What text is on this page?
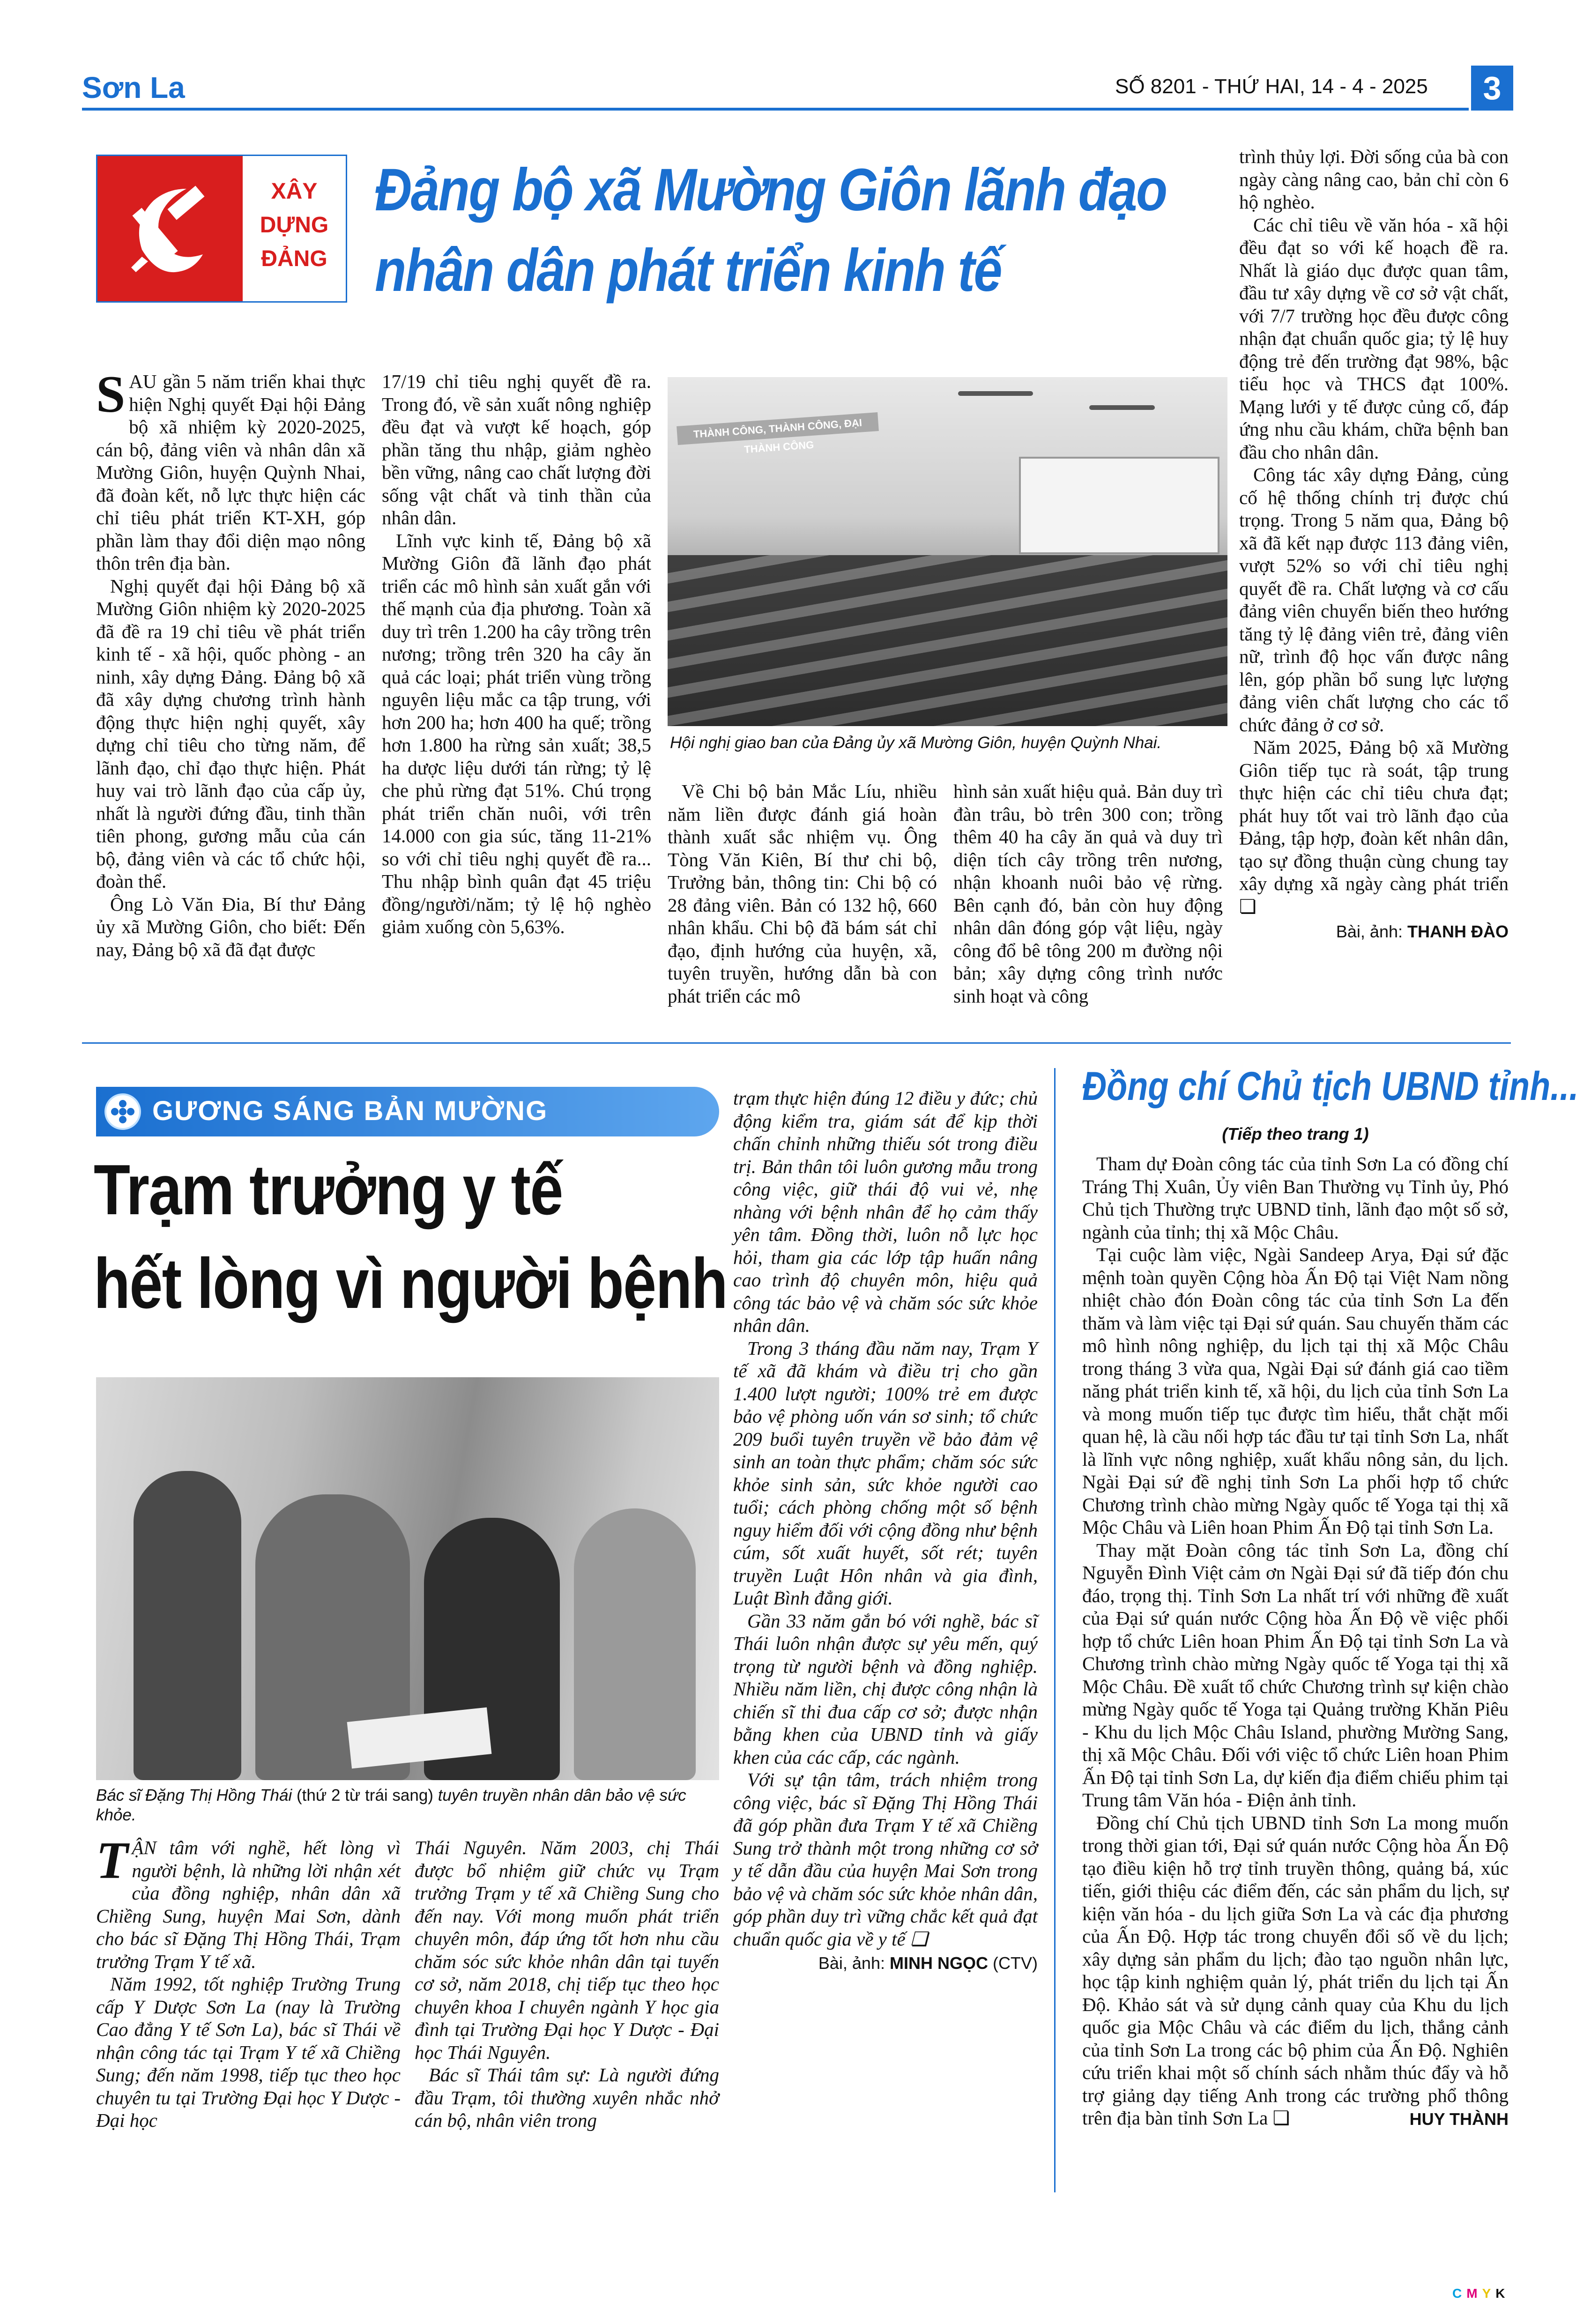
Sơn La	SỐ 8201 - THỨ HAI, 14 - 4 - 2025	3
XÂY
DỰNG
ĐẢNG
Đảng bộ xã Mường Giôn lãnh đạo
nhân dân phát triển kinh tế

SAU gần 5 năm triển khai thực hiện Nghị quyết Đại hội Đảng bộ xã nhiệm kỳ 2020-2025, cán bộ, đảng viên và nhân dân xã Mường Giôn, huyện Quỳnh Nhai, đã đoàn kết, nỗ lực thực hiện các chỉ tiêu phát triển KT-XH, góp phần làm thay đổi diện mạo nông thôn trên địa bàn.

Nghị quyết đại hội Đảng bộ xã Mường Giôn nhiệm kỳ 2020-2025 đã đề ra 19 chỉ tiêu về phát triển kinh tế - xã hội, quốc phòng - an ninh, xây dựng Đảng. Đảng bộ xã đã xây dựng chương trình hành động thực hiện nghị quyết, xây dựng chỉ tiêu cho từng năm, để lãnh đạo, chỉ đạo thực hiện. Phát huy vai trò lãnh đạo của cấp ủy, nhất là người đứng đầu, tinh thần tiên phong, gương mẫu của cán bộ, đảng viên và các tổ chức hội, đoàn thể.

Ông Lò Văn Đia, Bí thư Đảng ủy xã Mường Giôn, cho biết: Đến nay, Đảng bộ xã đã đạt được

17/19 chỉ tiêu nghị quyết đề ra. Trong đó, về sản xuất nông nghiệp đều đạt và vượt kế hoạch, góp phần tăng thu nhập, giảm nghèo bền vững, nâng cao chất lượng đời sống vật chất và tinh thần của nhân dân.

Lĩnh vực kinh tế, Đảng bộ xã Mường Giôn đã lãnh đạo phát triển các mô hình sản xuất gắn với thế mạnh của địa phương. Toàn xã duy trì trên 1.200 ha cây trồng trên nương; trồng trên 320 ha cây ăn quả các loại; phát triển vùng trồng nguyên liệu mắc ca tập trung, với hơn 200 ha; hơn 400 ha quế; trồng hơn 1.800 ha rừng sản xuất; 38,5 ha dược liệu dưới tán rừng; tỷ lệ che phủ rừng đạt 51%. Chú trọng phát triển chăn nuôi, với trên 14.000 con gia súc, tăng 11-21% so với chỉ tiêu nghị quyết đề ra... Thu nhập bình quân đạt 45 triệu đồng/người/năm; tỷ lệ hộ nghèo giảm xuống còn 5,63%.

THÀNH CÔNG, THÀNH CÔNG, ĐẠI THÀNH CÔNG
Hội nghị giao ban của Đảng ủy xã Mường Giôn, huyện Quỳnh Nhai.

Về Chi bộ bản Mắc Líu, nhiều năm liền được đánh giá hoàn thành xuất sắc nhiệm vụ. Ông Tòng Văn Kiên, Bí thư chi bộ, Trưởng bản, thông tin: Chi bộ có 28 đảng viên. Bản có 132 hộ, 660 nhân khẩu. Chi bộ đã bám sát chỉ đạo, định hướng của huyện, xã, tuyên truyền, hướng dẫn bà con phát triển các mô

hình sản xuất hiệu quả. Bản duy trì đàn trâu, bò trên 300 con; trồng thêm 40 ha cây ăn quả và duy trì diện tích cây trồng trên nương, nhận khoanh nuôi bảo vệ rừng. Bên cạnh đó, bản còn huy động nhân dân đóng góp vật liệu, ngày công đổ bê tông 200 m đường nội bản; xây dựng công trình nước sinh hoạt và công

trình thủy lợi. Đời sống của bà con ngày càng nâng cao, bản chỉ còn 6 hộ nghèo.

Các chỉ tiêu về văn hóa - xã hội đều đạt so với kế hoạch đề ra. Nhất là giáo dục được quan tâm, đầu tư xây dựng về cơ sở vật chất, với 7/7 trường học đều được công nhận đạt chuẩn quốc gia; tỷ lệ huy động trẻ đến trường đạt 98%, bậc tiểu học và THCS đạt 100%. Mạng lưới y tế được củng cố, đáp ứng nhu cầu khám, chữa bệnh ban đầu cho nhân dân.

Công tác xây dựng Đảng, củng cố hệ thống chính trị được chú trọng. Trong 5 năm qua, Đảng bộ xã đã kết nạp được 113 đảng viên, vượt 52% so với chỉ tiêu nghị quyết đề ra. Chất lượng và cơ cấu đảng viên chuyển biến theo hướng tăng tỷ lệ đảng viên trẻ, đảng viên nữ, trình độ học vấn được nâng lên, góp phần bổ sung lực lượng đảng viên chất lượng cho các tổ chức đảng ở cơ sở.

Năm 2025, Đảng bộ xã Mường Giôn tiếp tục rà soát, tập trung thực hiện các chỉ tiêu chưa đạt; phát huy tốt vai trò lãnh đạo của Đảng, tập hợp, đoàn kết nhân dân, tạo sự đồng thuận cùng chung tay xây dựng xã ngày càng phát triển ❏

Bài, ảnh: THANH ĐÀO
GƯƠNG SÁNG BẢN MƯỜNG
Trạm trưởng y tế
hết lòng vì người bệnh
Bác sĩ Đặng Thị Hồng Thái (thứ 2 từ trái sang) tuyên truyền nhân dân bảo vệ sức khỏe.

TẬN tâm với nghề, hết lòng vì người bệnh, là những lời nhận xét của đồng nghiệp, nhân dân xã Chiềng Sung, huyện Mai Sơn, dành cho bác sĩ Đặng Thị Hồng Thái, Trạm trưởng Trạm Y tế xã.

Năm 1992, tốt nghiệp Trường Trung cấp Y Dược Sơn La (nay là Trường Cao đẳng Y tế Sơn La), bác sĩ Thái về nhận công tác tại Trạm Y tế xã Chiềng Sung; đến năm 1998, tiếp tục theo học chuyên tu tại Trường Đại học Y Dược - Đại học

Thái Nguyên. Năm 2003, chị Thái được bổ nhiệm giữ chức vụ Trạm trưởng Trạm y tế xã Chiềng Sung cho đến nay. Với mong muốn phát triển chuyên môn, đáp ứng tốt hơn nhu cầu chăm sóc sức khỏe nhân dân tại tuyến cơ sở, năm 2018, chị tiếp tục theo học chuyên khoa I chuyên ngành Y học gia đình tại Trường Đại học Y Dược - Đại học Thái Nguyên.

Bác sĩ Thái tâm sự: Là người đứng đầu Trạm, tôi thường xuyên nhắc nhở cán bộ, nhân viên trong

trạm thực hiện đúng 12 điều y đức; chủ động kiểm tra, giám sát để kịp thời chấn chỉnh những thiếu sót trong điều trị. Bản thân tôi luôn gương mẫu trong công việc, giữ thái độ vui vẻ, nhẹ nhàng với bệnh nhân để họ cảm thấy yên tâm. Đồng thời, luôn nỗ lực học hỏi, tham gia các lớp tập huấn nâng cao trình độ chuyên môn, hiệu quả công tác bảo vệ và chăm sóc sức khỏe nhân dân.

Trong 3 tháng đầu năm nay, Trạm Y tế xã đã khám và điều trị cho gần 1.400 lượt người; 100% trẻ em được bảo vệ phòng uốn ván sơ sinh; tổ chức 209 buổi tuyên truyền về bảo đảm vệ sinh an toàn thực phẩm; chăm sóc sức khỏe sinh sản, sức khỏe người cao tuổi; cách phòng chống một số bệnh nguy hiểm đối với cộng đồng như bệnh cúm, sốt xuất huyết, sốt rét; tuyên truyền Luật Hôn nhân và gia đình, Luật Bình đẳng giới.

Gần 33 năm gắn bó với nghề, bác sĩ Thái luôn nhận được sự yêu mến, quý trọng từ người bệnh và đồng nghiệp. Nhiều năm liền, chị được công nhận là chiến sĩ thi đua cấp cơ sở; được nhận bằng khen của UBND tỉnh và giấy khen của các cấp, các ngành.

Với sự tận tâm, trách nhiệm trong công việc, bác sĩ Đặng Thị Hồng Thái đã góp phần đưa Trạm Y tế xã Chiềng Sung trở thành một trong những cơ sở y tế dẫn đầu của huyện Mai Sơn trong bảo vệ và chăm sóc sức khỏe nhân dân, góp phần duy trì vững chắc kết quả đạt chuẩn quốc gia về y tế ❏

Bài, ảnh: MINH NGỌC (CTV)
Đồng chí Chủ tịch UBND tỉnh...
(Tiếp theo trang 1)

Tham dự Đoàn công tác của tỉnh Sơn La có đồng chí Tráng Thị Xuân, Ủy viên Ban Thường vụ Tỉnh ủy, Phó Chủ tịch Thường trực UBND tỉnh, lãnh đạo một số sở, ngành của tỉnh; thị xã Mộc Châu.

Tại cuộc làm việc, Ngài Sandeep Arya, Đại sứ đặc mệnh toàn quyền Cộng hòa Ấn Độ tại Việt Nam nồng nhiệt chào đón Đoàn công tác của tỉnh Sơn La đến thăm và làm việc tại Đại sứ quán. Sau chuyến thăm các mô hình nông nghiệp, du lịch tại thị xã Mộc Châu trong tháng 3 vừa qua, Ngài Đại sứ đánh giá cao tiềm năng phát triển kinh tế, xã hội, du lịch của tỉnh Sơn La và mong muốn tiếp tục được tìm hiểu, thắt chặt mối quan hệ, là cầu nối hợp tác đầu tư tại tỉnh Sơn La, nhất là lĩnh vực nông nghiệp, xuất khẩu nông sản, du lịch. Ngài Đại sứ đề nghị tỉnh Sơn La phối hợp tổ chức Chương trình chào mừng Ngày quốc tế Yoga tại thị xã Mộc Châu và Liên hoan Phim Ấn Độ tại tỉnh Sơn La.

Thay mặt Đoàn công tác tỉnh Sơn La, đồng chí Nguyễn Đình Việt cảm ơn Ngài Đại sứ đã tiếp đón chu đáo, trọng thị. Tỉnh Sơn La nhất trí với những đề xuất của Đại sứ quán nước Cộng hòa Ấn Độ về việc phối hợp tổ chức Liên hoan Phim Ấn Độ tại tỉnh Sơn La và Chương trình chào mừng Ngày quốc tế Yoga tại thị xã Mộc Châu. Đề xuất tổ chức Chương trình sự kiện chào mừng Ngày quốc tế Yoga tại Quảng trường Khăn Piêu - Khu du lịch Mộc Châu Island, phường Mường Sang, thị xã Mộc Châu. Đối với việc tổ chức Liên hoan Phim Ấn Độ tại tỉnh Sơn La, dự kiến địa điểm chiếu phim tại Trung tâm Văn hóa - Điện ảnh tỉnh.

Đồng chí Chủ tịch UBND tỉnh Sơn La mong muốn trong thời gian tới, Đại sứ quán nước Cộng hòa Ấn Độ tạo điều kiện hỗ trợ tỉnh truyền thông, quảng bá, xúc tiến, giới thiệu các điểm đến, các sản phẩm du lịch, sự kiện văn hóa - du lịch giữa Sơn La và các địa phương của Ấn Độ. Hợp tác trong chuyển đổi số về du lịch; xây dựng sản phẩm du lịch; đào tạo nguồn nhân lực, học tập kinh nghiệm quản lý, phát triển du lịch tại Ấn Độ. Khảo sát và sử dụng cảnh quay của Khu du lịch quốc gia Mộc Châu và các điểm du lịch, thắng cảnh của tỉnh Sơn La trong các bộ phim của Ấn Độ. Nghiên cứu triển khai một số chính sách nhằm thúc đẩy và hỗ trợ giảng dạy tiếng Anh trong các trường phổ thông trên địa bàn tỉnh Sơn La ❏	HUY THÀNH
CMYK
